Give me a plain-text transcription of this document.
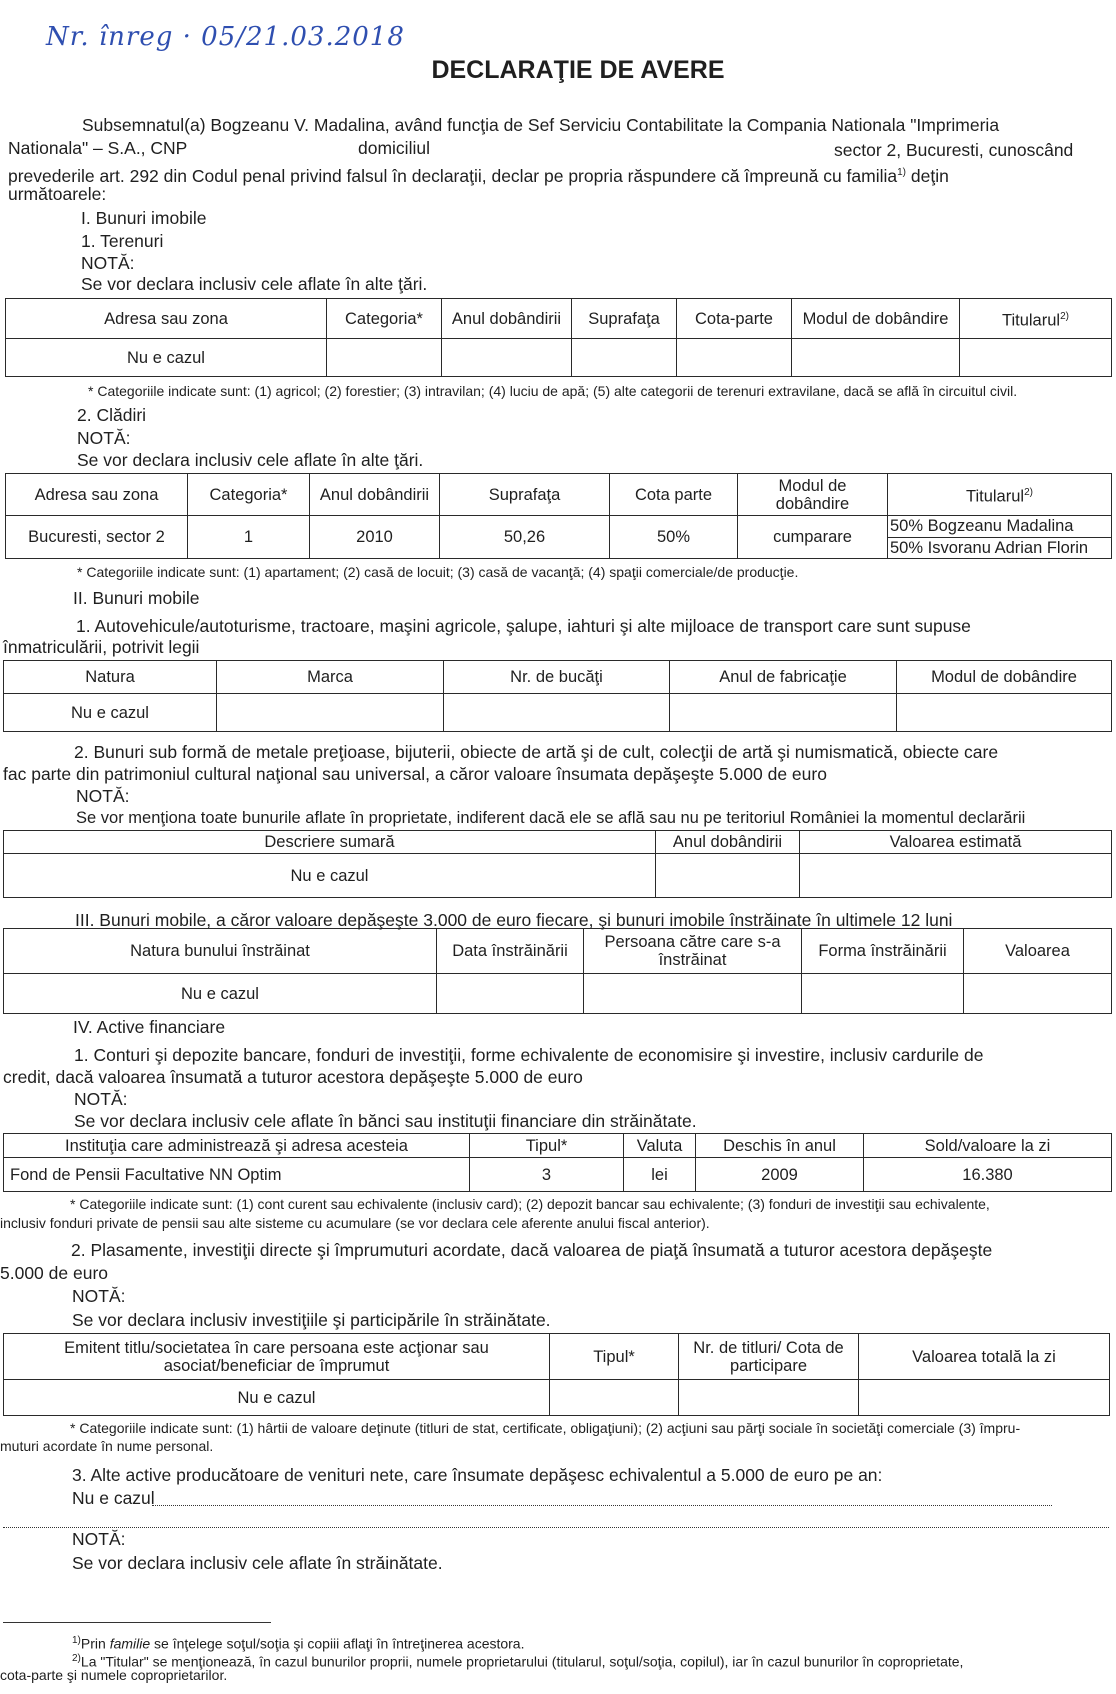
Nr. înreg · 05/21.03.2018
DECLARAŢIE DE AVERE
Subsemnatul(a) Bogzeanu V. Madalina, având funcţia de Sef Serviciu Contabilitate la Compania Nationala "Imprimeria
Nationala" – S.A., CNP	domiciliul	sector 2, Bucuresti, cunoscând
prevederile art. 292 din Codul penal privind falsul în declaraţii, declar pe propria răspundere că împreună cu familia$^{1)}$ deţin
următoarele:
I. Bunuri imobile
1. Terenuri
NOTĂ:
Se vor declara inclusiv cele aflate în alte ţări.
Adresa sau zona	Categoria*	Anul dobândirii	Suprafaţa	Cota-parte	Modul de dobândire	Titularul$^{2)}$
Nu e cazul						
* Categoriile indicate sunt: (1) agricol; (2) forestier; (3) intravilan; (4) luciu de apă; (5) alte categorii de terenuri extravilane, dacă se află în circuitul civil.
2. Clădiri
NOTĂ:
Se vor declara inclusiv cele aflate în alte ţări.
Adresa sau zona	Categoria*	Anul dobândirii	Suprafaţa	Cota parte	Modul de dobândire	Titularul$^{2)}$
Bucuresti, sector 2	1	2010	50,26	50%	cumparare	50% Bogzeanu Madalina
50% Isvoranu Adrian Florin
* Categoriile indicate sunt: (1) apartament; (2) casă de locuit; (3) casă de vacanţă; (4) spaţii comerciale/de producţie.
II. Bunuri mobile
1. Autovehicule/autoturisme, tractoare, maşini agricole, şalupe, iahturi şi alte mijloace de transport care sunt supuse
înmatriculării, potrivit legii
Natura	Marca	Nr. de bucăţi	Anul de fabricaţie	Modul de dobândire
Nu e cazul				
2. Bunuri sub formă de metale preţioase, bijuterii, obiecte de artă şi de cult, colecţii de artă şi numismatică, obiecte care
fac parte din patrimoniul cultural naţional sau universal, a căror valoare însumata depăşeşte 5.000 de euro
NOTĂ:
Se vor menţiona toate bunurile aflate în proprietate, indiferent dacă ele se află sau nu pe teritoriul României la momentul declarării
Descriere sumară	Anul dobândirii	Valoarea estimată
Nu e cazul		
III. Bunuri mobile, a căror valoare depăşeşte 3.000 de euro fiecare, şi bunuri imobile înstrăinate în ultimele 12 luni
Natura bunului înstrăinat	Data înstrăinării	Persoana către care s-a înstrăinat	Forma înstrăinării	Valoarea
Nu e cazul				
IV. Active financiare
1. Conturi şi depozite bancare, fonduri de investiţii, forme echivalente de economisire şi investire, inclusiv cardurile de
credit, dacă valoarea însumată a tuturor acestora depăşeşte 5.000 de euro
NOTĂ:
Se vor declara inclusiv cele aflate în bănci sau instituţii financiare din străinătate.
Instituţia care administrează şi adresa acesteia	Tipul*	Valuta	Deschis în anul	Sold/valoare la zi
Fond de Pensii Facultative NN Optim	3	lei	2009	16.380
* Categoriile indicate sunt: (1) cont curent sau echivalente (inclusiv card); (2) depozit bancar sau echivalente; (3) fonduri de investiţii sau echivalente,
inclusiv fonduri private de pensii sau alte sisteme cu acumulare (se vor declara cele aferente anului fiscal anterior).
2. Plasamente, investiţii directe şi împrumuturi acordate, dacă valoarea de piaţă însumată a tuturor acestora depăşeşte
5.000 de euro
NOTĂ:
Se vor declara inclusiv investiţiile şi participările în străinătate.
Emitent titlu/societatea în care persoana este acţionar sau asociat/beneficiar de împrumut	Tipul*	Nr. de titluri/ Cota de participare	Valoarea totală la zi
Nu e cazul			
* Categoriile indicate sunt: (1) hârtii de valoare deţinute (titluri de stat, certificate, obligaţiuni); (2) acţiuni sau părţi sociale în societăţi comerciale (3) împru-
muturi acordate în nume personal.
3. Alte active producătoare de venituri nete, care însumate depăşesc echivalentul a 5.000 de euro pe an:
Nu e cazul
NOTĂ:
Se vor declara inclusiv cele aflate în străinătate.
$^{1)}$Prin familie se înţelege soţul/soţia şi copiii aflaţi în întreţinerea acestora.
$^{2)}$La "Titular" se menţionează, în cazul bunurilor proprii, numele proprietarului (titularul, soţul/soţia, copilul), iar în cazul bunurilor în coproprietate,
cota-parte şi numele coproprietarilor.
